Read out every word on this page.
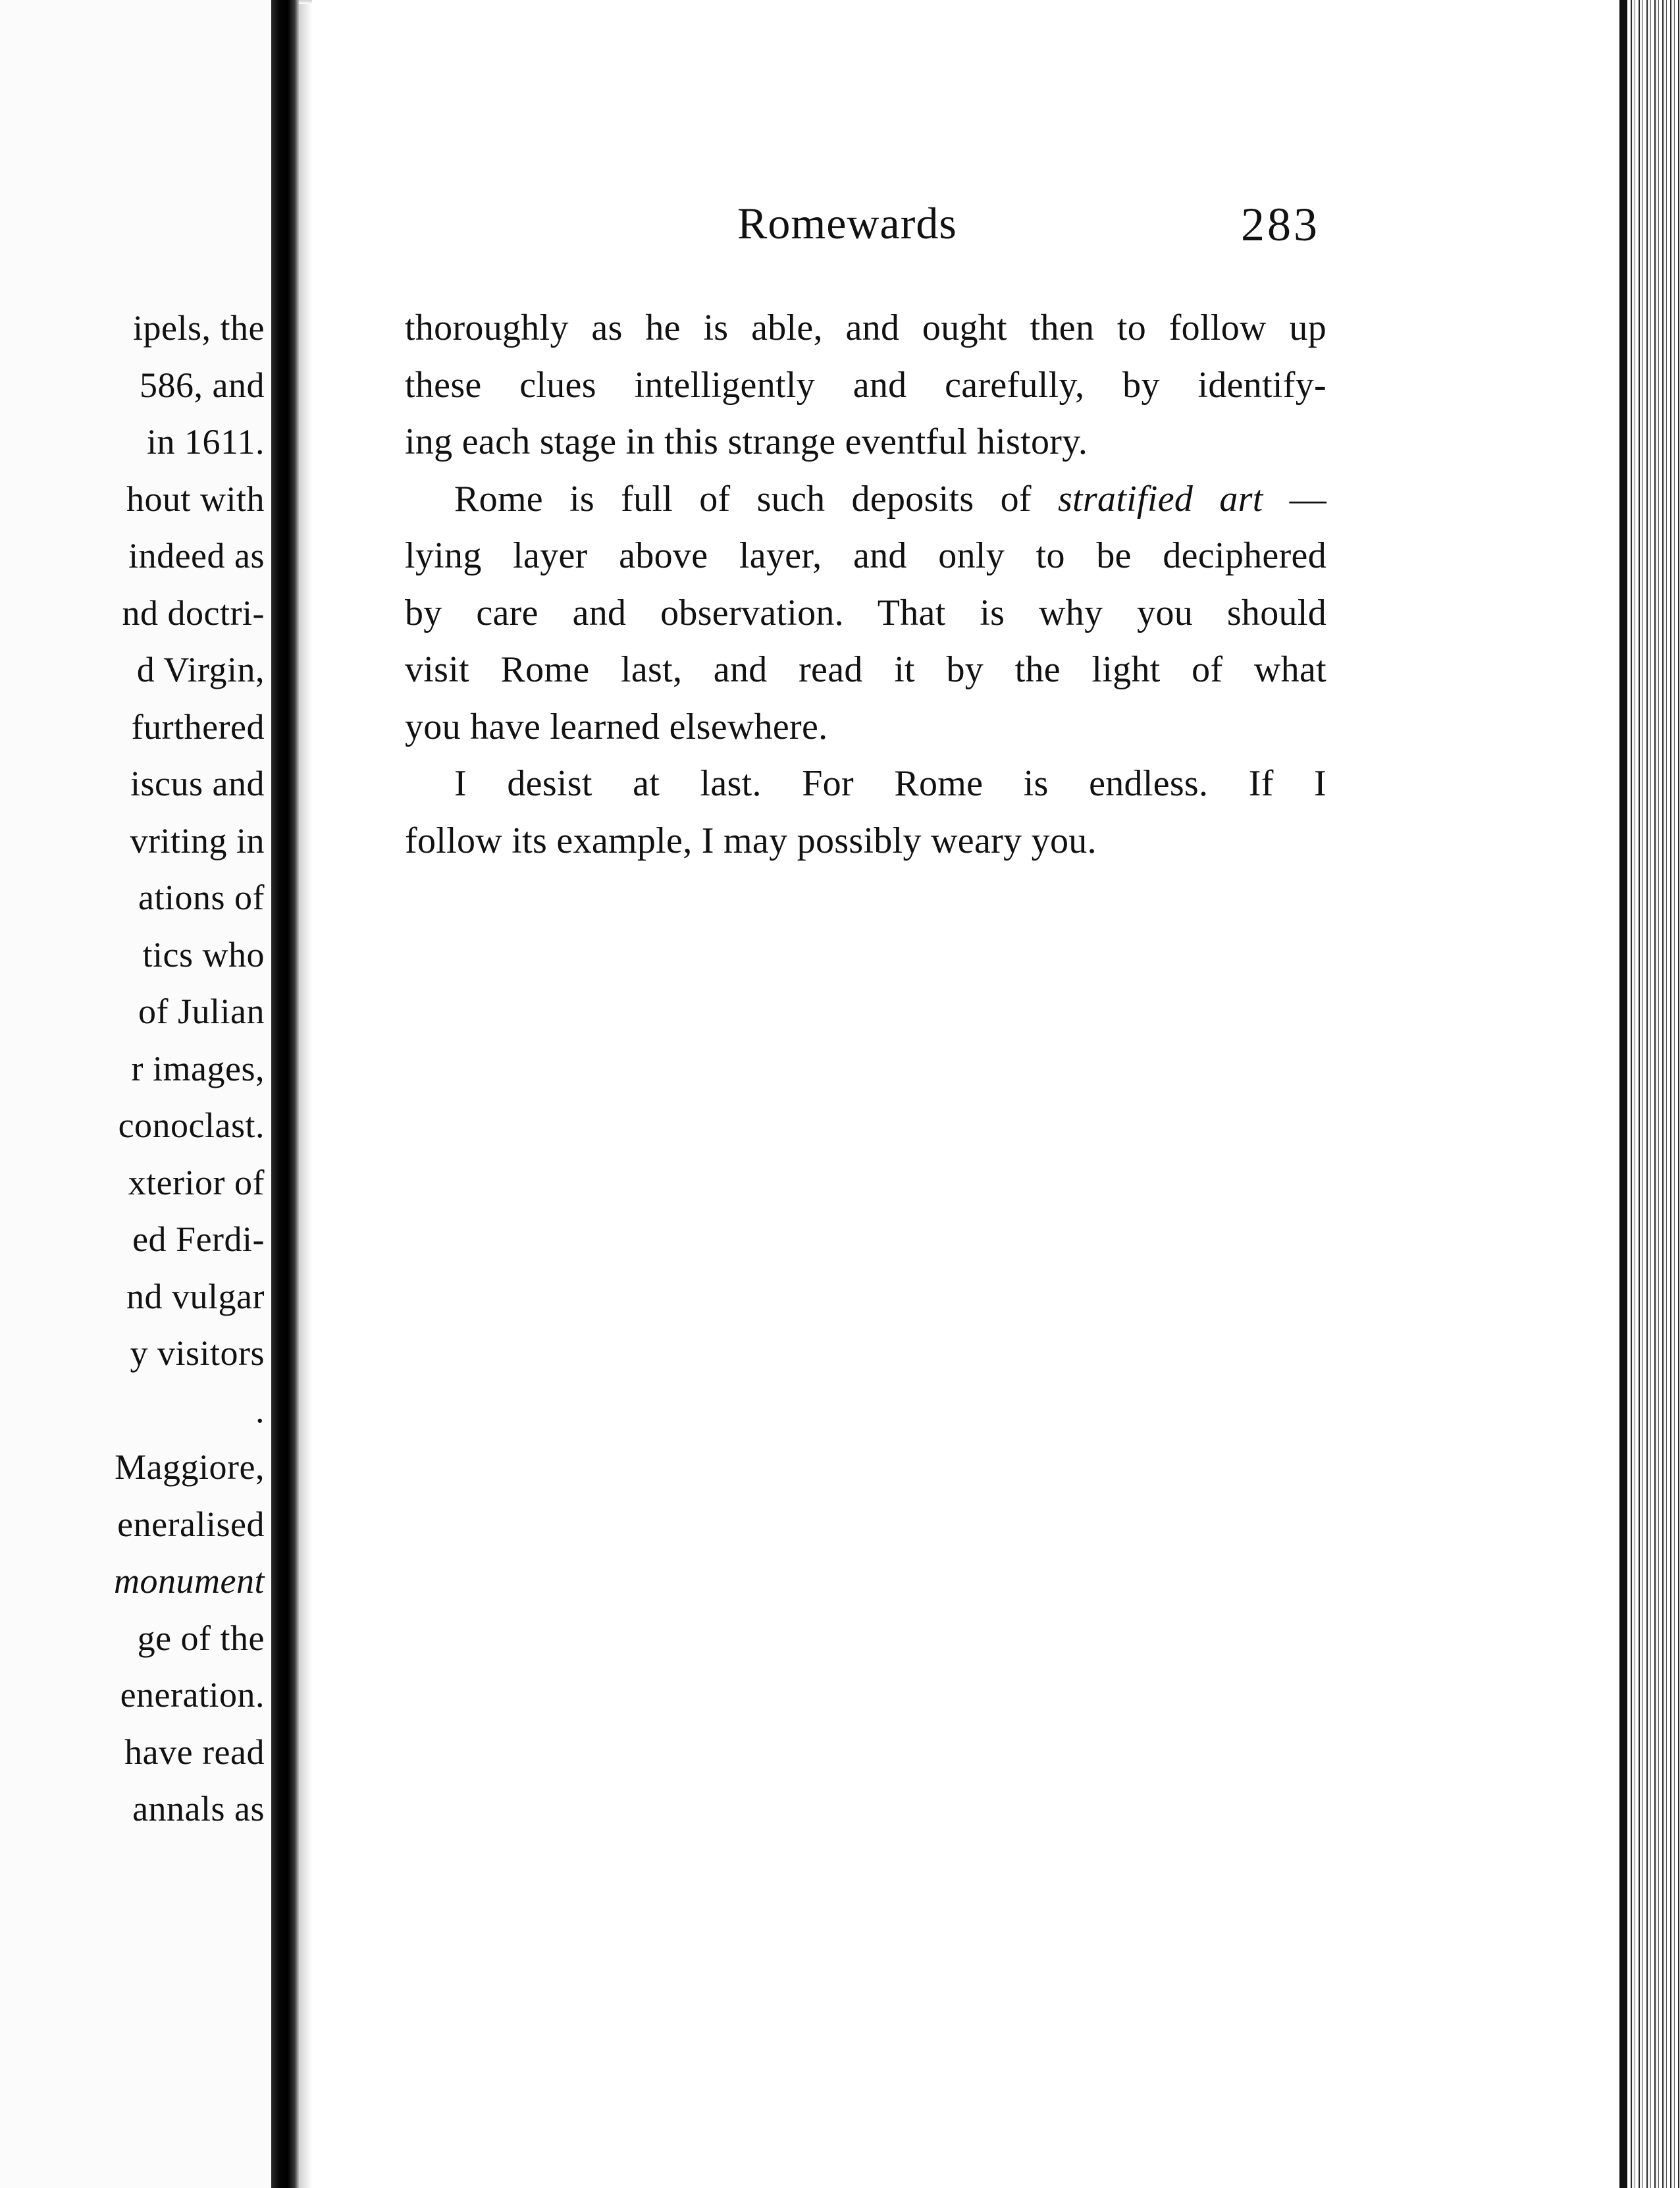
ipels, the
586, and
in 1611.
hout with
indeed as
nd doctri-
d Virgin,
furthered
iscus and
vriting in
ations of
tics who
of Julian
r images,
conoclast.
xterior of
ed Ferdi-
nd vulgar
y visitors
.
Maggiore,
eneralised
monument
ge of the
eneration.
have read
annals as
Romewards	283
thoroughly as he is able, and ought then to follow up
these clues intelligently and carefully, by identify-
ing each stage in this strange eventful history.
Rome is full of such deposits of stratified art —
lying layer above layer, and only to be deciphered
by care and observation. That is why you should
visit Rome last, and read it by the light of what
you have learned elsewhere.
I desist at last. For Rome is endless. If I
follow its example, I may possibly weary you.
